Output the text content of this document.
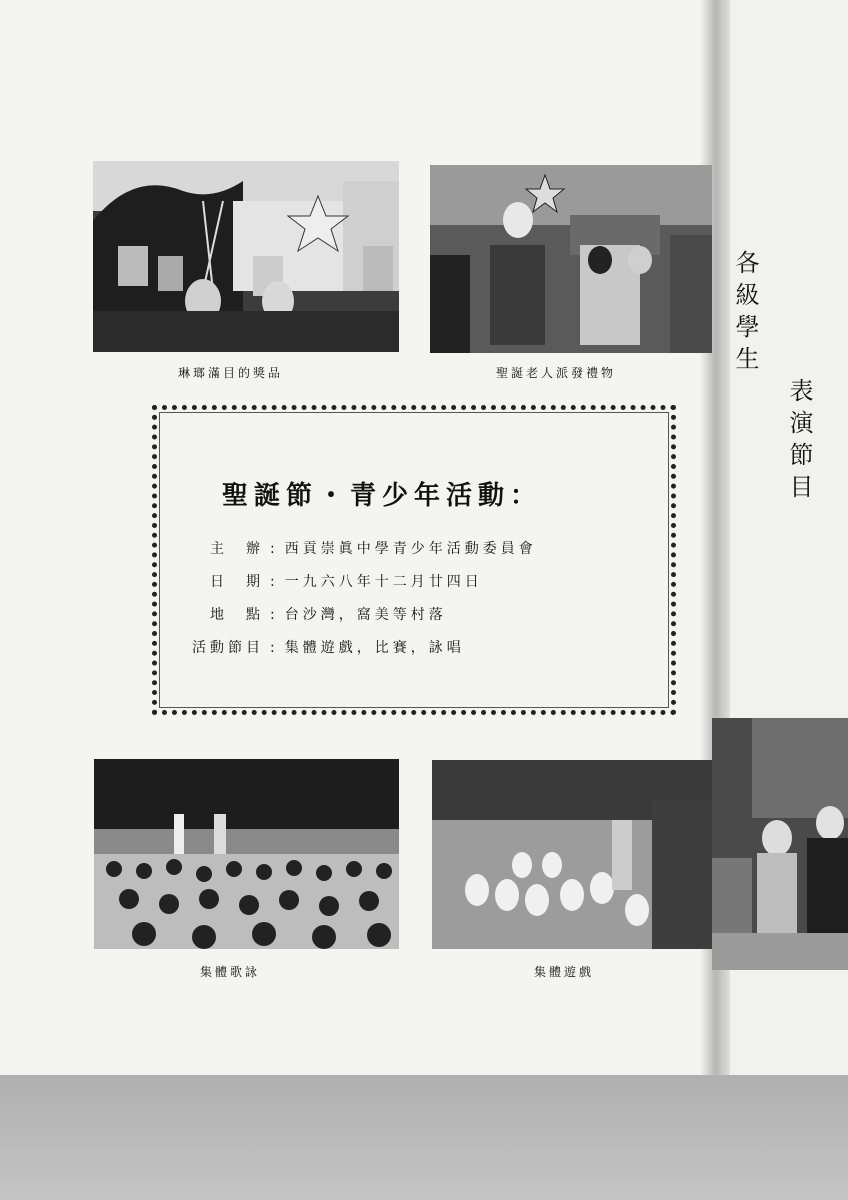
琳瑯滿目的獎品	聖誕老人派發禮物
聖誕節・青少年活動：
主　辦 : 西貢崇眞中學青少年活動委員會
日　期 : 一九六八年十二月廿四日
地　點 : 台沙灣，窩美等村落
活動節目 : 集體遊戲，比賽，詠唱
各級學生
表演節目
集體歌詠	集體遊戲
